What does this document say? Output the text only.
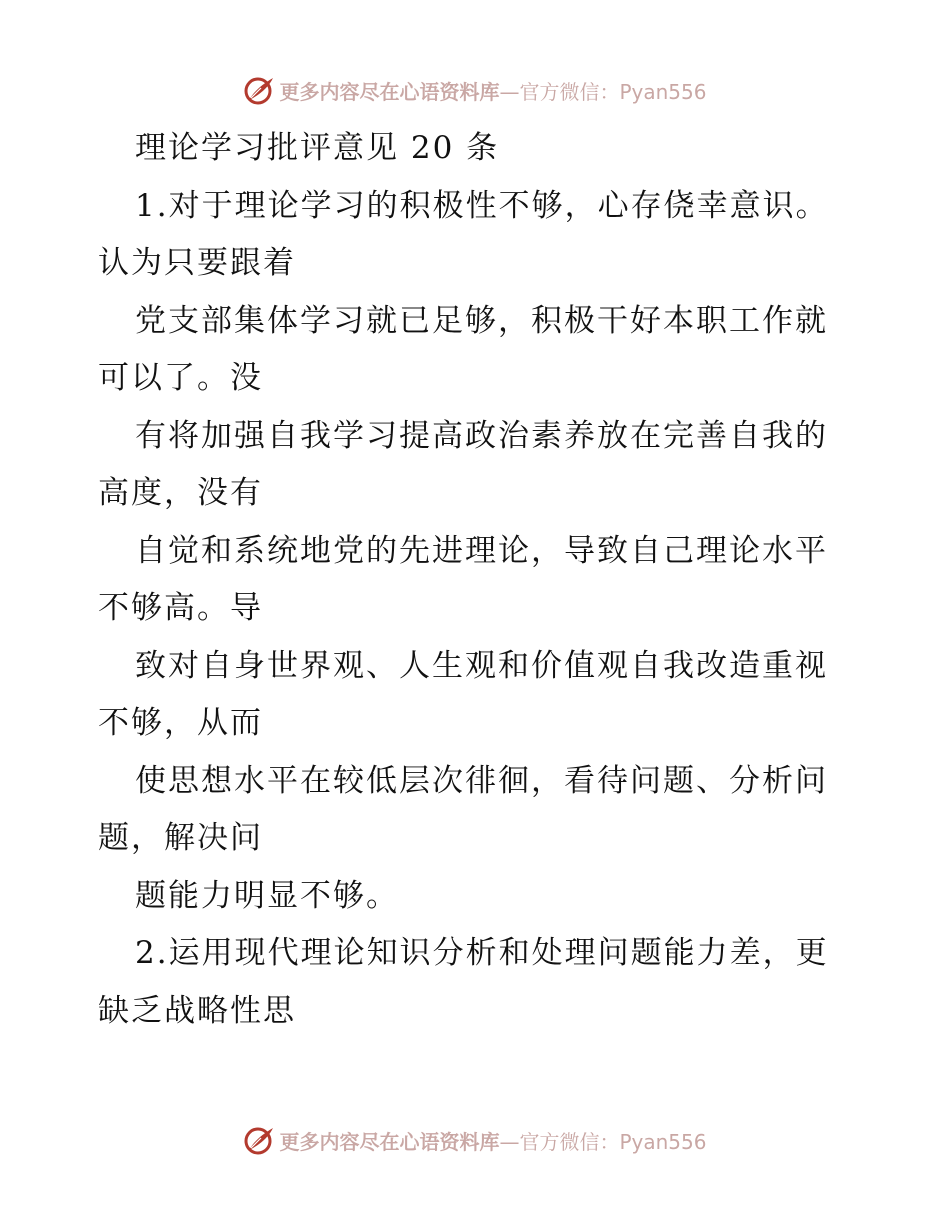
更多内容尽在心语资料库 —官方微信：Pyan556
理论学习批评意见 20 条
1.对于理论学习的积极性不够，心存侥幸意识。
认为只要跟着
党支部集体学习就已足够，积极干好本职工作就
可以了。没
有将加强自我学习提高政治素养放在完善自我的
高度，没有
自觉和系统地党的先进理论，导致自己理论水平
不够高。导
致对自身世界观、人生观和价值观自我改造重视
不够，从而
使思想水平在较低层次徘徊，看待问题、分析问
题，解决问
题能力明显不够。
2.运用现代理论知识分析和处理问题能力差，更
缺乏战略性思
更多内容尽在心语资料库 —官方微信：Pyan556
